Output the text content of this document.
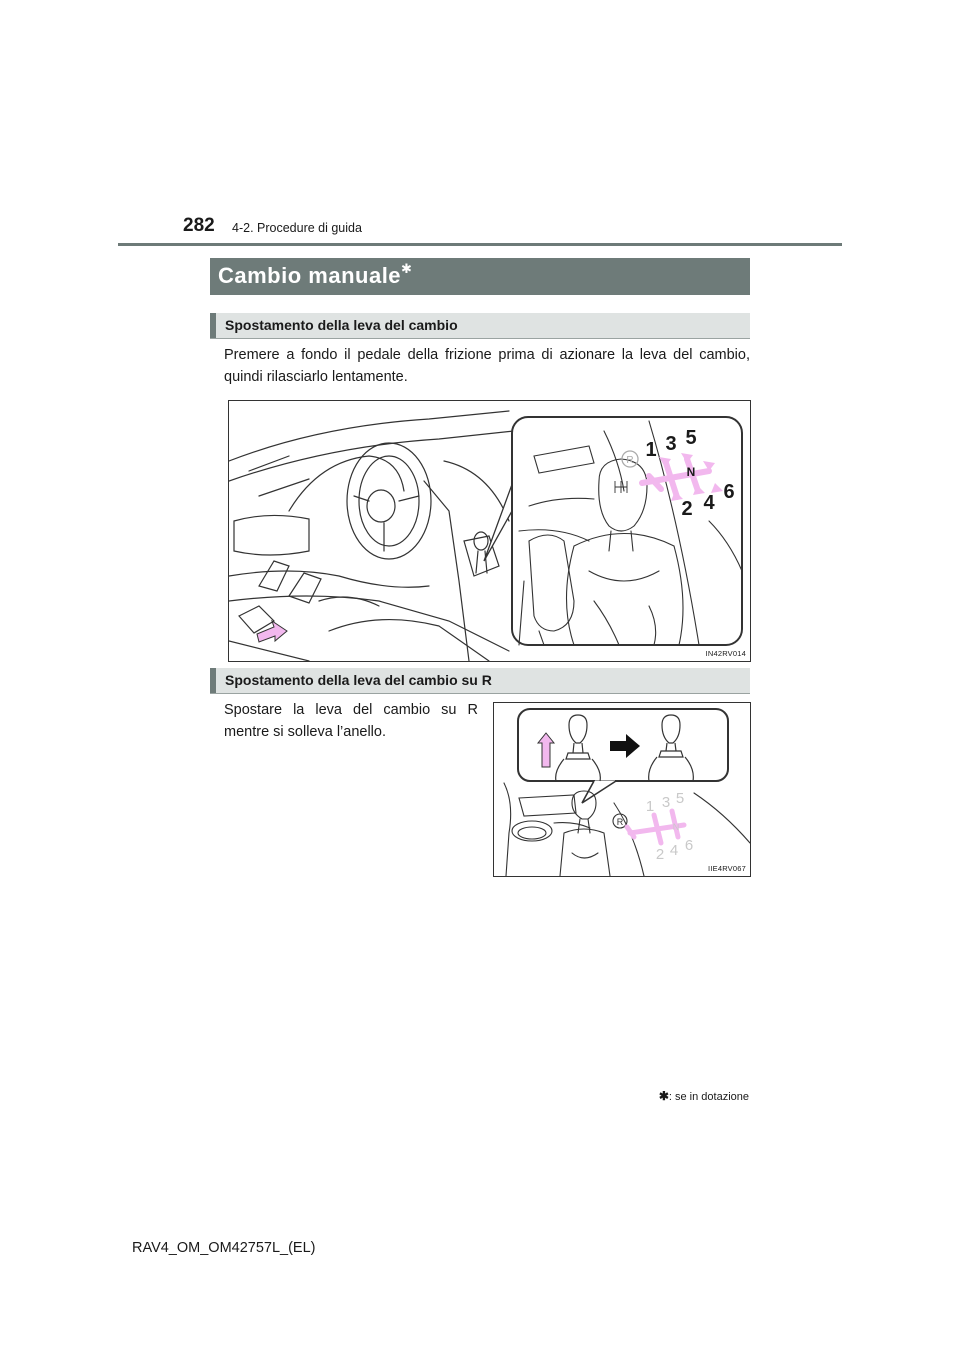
282 4-2. Procedure di guida
Cambio manuale✱
Spostamento della leva del cambio
Premere a fondo il pedale della frizione prima di azionare la leva del cambio, quindi rilasciarlo lentamente.
R 1 3 5
2 4 6
N
IN42RV014
Spostamento della leva del cambio su R
Spostare la leva del cambio su R mentre si solleva l’anello.
R
1 3 5
2 4 6
N
IIE4RV067
✱: se in dotazione
RAV4_OM_OM42757L_(EL)
